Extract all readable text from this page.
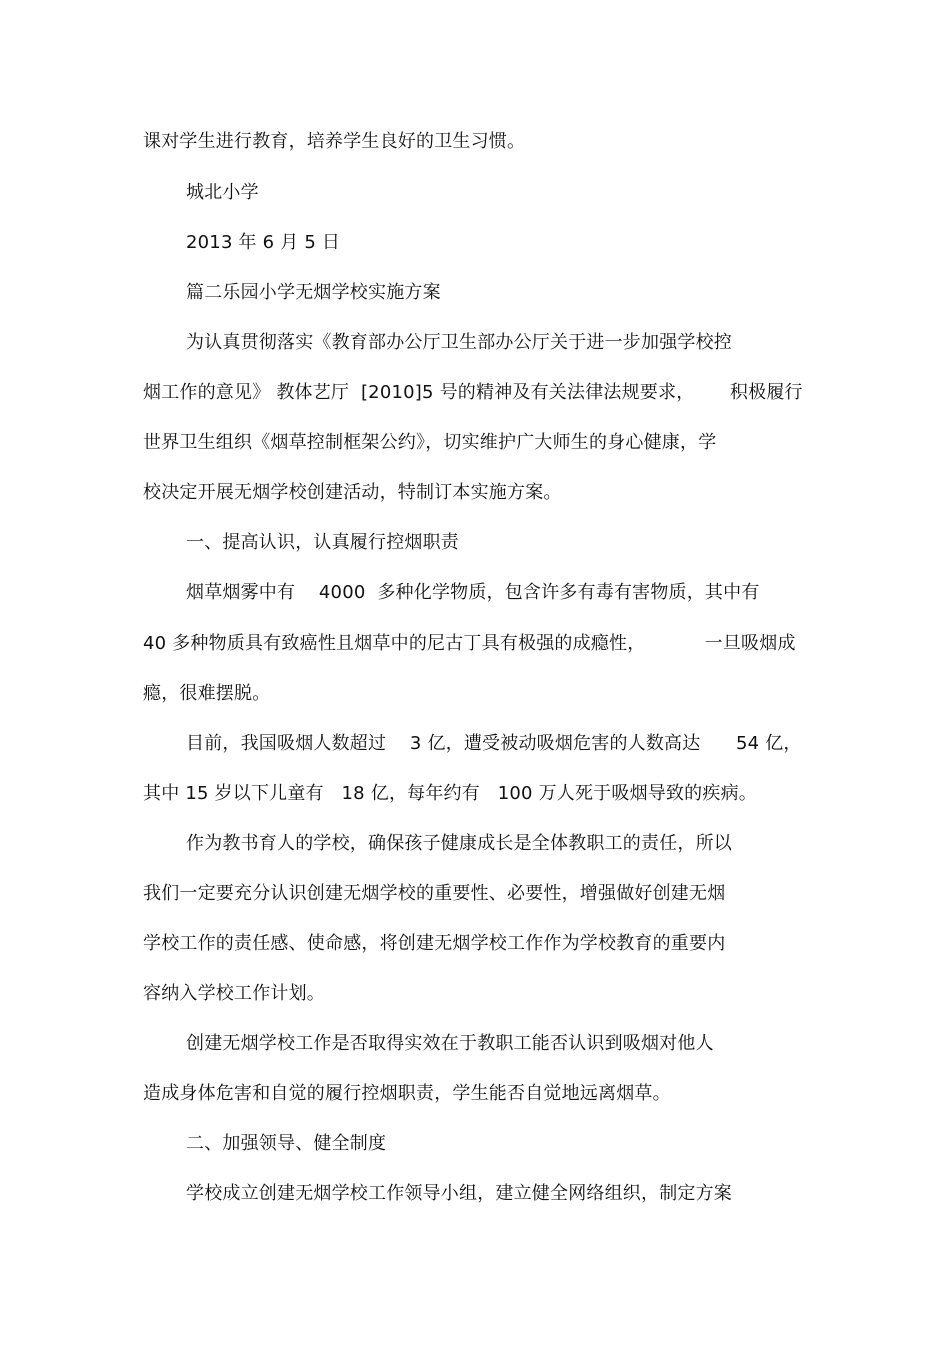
课对学生进行教育，培养学生良好的卫生习惯。
城北小学
2013 年 6 月 5 日
篇二乐园小学无烟学校实施方案
为认真贯彻落实《教育部办公厅卫生部办公厅关于进一步加强学校控
烟工作的意见》 教体艺厅  [2010]5 号的精神及有关法律法规要求，      积极履行
世界卫生组织《烟草控制框架公约》，切实维护广大师生的身心健康，学
校决定开展无烟学校创建活动，特制订本实施方案。
一、提高认识，认真履行控烟职责
烟草烟雾中有    4000  多种化学物质，包含许多有毒有害物质，其中有
40 多种物质具有致癌性且烟草中的尼古丁具有极强的成瘾性，          一旦吸烟成
瘾，很难摆脱。
目前，我国吸烟人数超过    3 亿，遭受被动吸烟危害的人数高达      54 亿，
其中 15 岁以下儿童有   18 亿，每年约有   100 万人死于吸烟导致的疾病。
作为教书育人的学校，确保孩子健康成长是全体教职工的责任，所以
我们一定要充分认识创建无烟学校的重要性、必要性，增强做好创建无烟
学校工作的责任感、使命感，将创建无烟学校工作作为学校教育的重要内
容纳入学校工作计划。
创建无烟学校工作是否取得实效在于教职工能否认识到吸烟对他人
造成身体危害和自觉的履行控烟职责，学生能否自觉地远离烟草。
二、加强领导、健全制度
学校成立创建无烟学校工作领导小组，建立健全网络组织，制定方案
